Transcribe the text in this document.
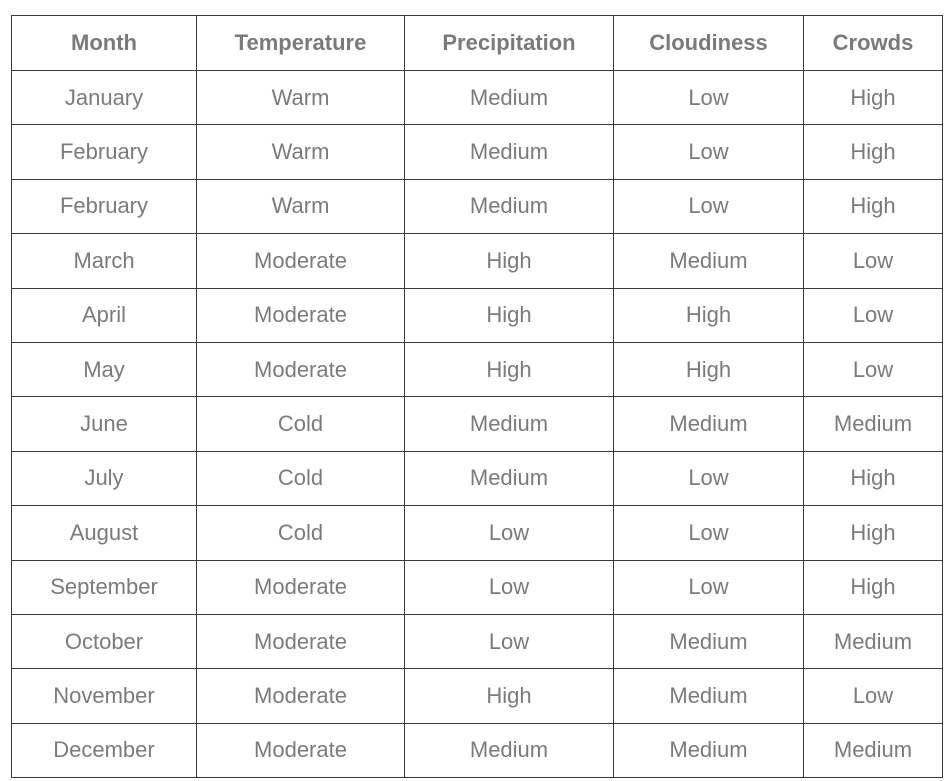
Month	Temperature	Precipitation	Cloudiness	Crowds
January	Warm	Medium	Low	High
February	Warm	Medium	Low	High
February	Warm	Medium	Low	High
March	Moderate	High	Medium	Low
April	Moderate	High	High	Low
May	Moderate	High	High	Low
June	Cold	Medium	Medium	Medium
July	Cold	Medium	Low	High
August	Cold	Low	Low	High
September	Moderate	Low	Low	High
October	Moderate	Low	Medium	Medium
November	Moderate	High	Medium	Low
December	Moderate	Medium	Medium	Medium
